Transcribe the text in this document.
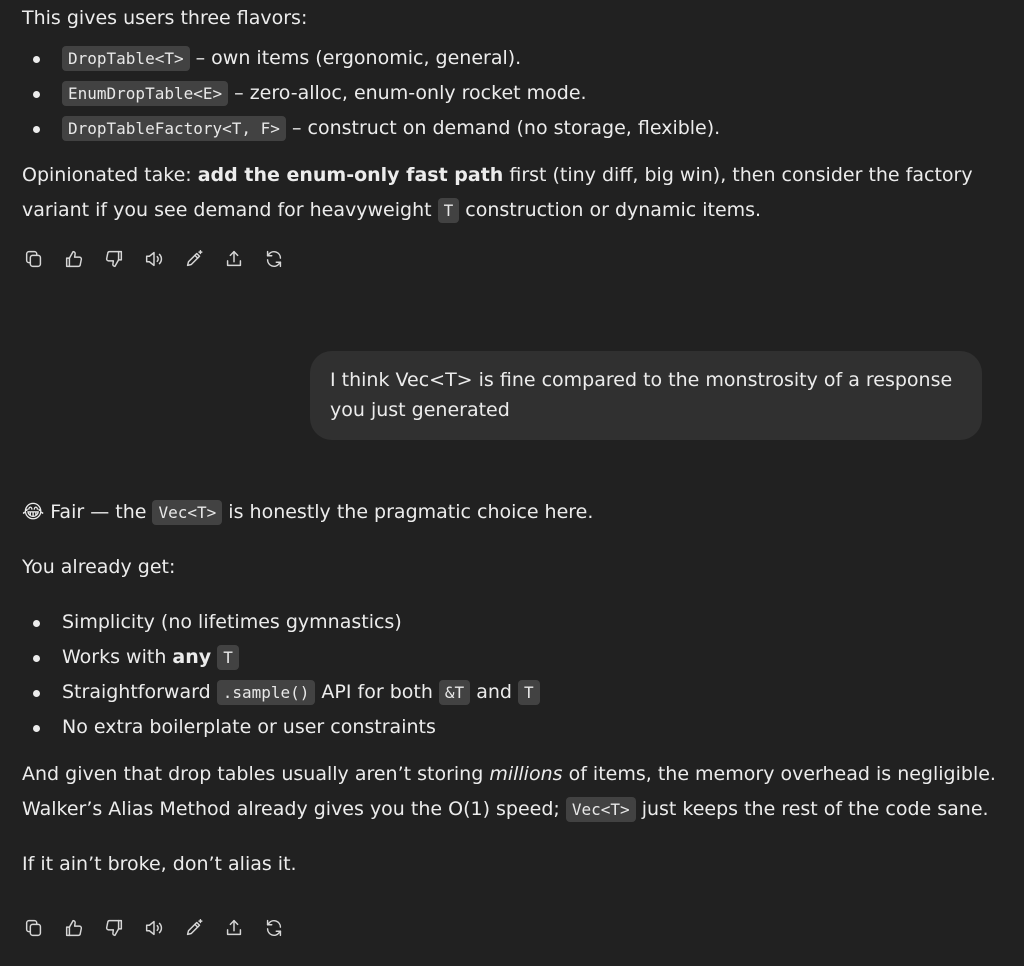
This gives users three flavors:

DropTable<T> – own items (ergonomic, general).
EnumDropTable<E> – zero-alloc, enum-only rocket mode.
DropTableFactory<T, F> – construct on demand (no storage, flexible).

Opinionated take: add the enum-only fast path first (tiny diff, big win), then consider the factory variant if you see demand for heavyweight T construction or dynamic items.

I think Vec<T> is fine compared to the monstrosity of a response you just generated

😂 Fair — the Vec<T> is honestly the pragmatic choice here.

You already get:

Simplicity (no lifetimes gymnastics)
Works with any T
Straightforward .sample() API for both &T and T
No extra boilerplate or user constraints

And given that drop tables usually aren’t storing millions of items, the memory overhead is negligible. Walker’s Alias Method already gives you the O(1) speed; Vec<T> just keeps the rest of the code sane.

If it ain’t broke, don’t alias it.
